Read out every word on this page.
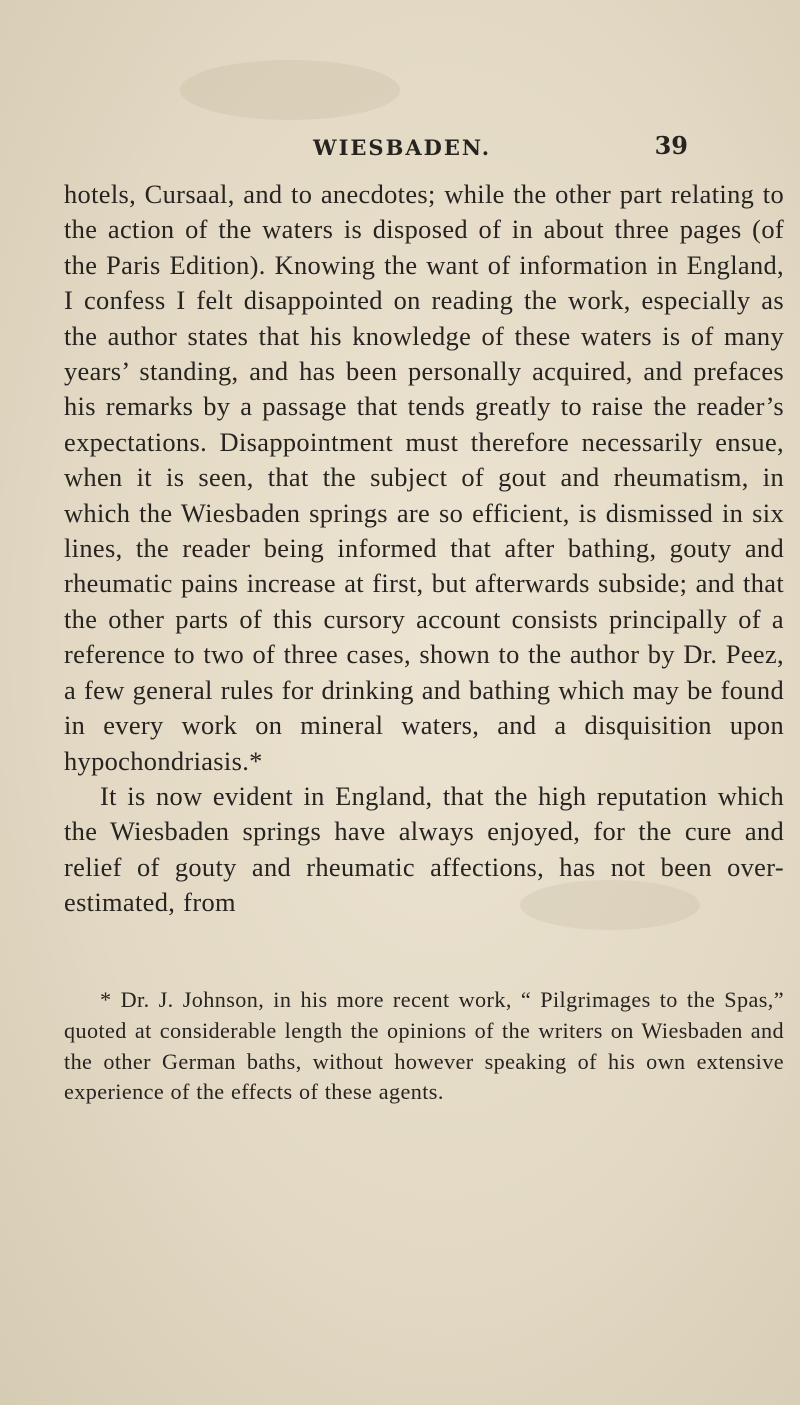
WIESBADEN.	39

hotels, Cursaal, and to anecdotes; while the other part relating to the action of the waters is disposed of in about three pages (of the Paris Edition). Knowing the want of information in England, I confess I felt disappointed on reading the work, especially as the author states that his knowledge of these waters is of many years’ standing, and has been personally acquired, and prefaces his remarks by a passage that tends greatly to raise the reader’s expectations. Disappointment must therefore necessarily ensue, when it is seen, that the subject of gout and rheumatism, in which the Wiesbaden springs are so efficient, is dismissed in six lines, the reader being informed that after bathing, gouty and rheumatic pains increase at first, but afterwards subside; and that the other parts of this cursory account consists principally of a reference to two of three cases, shown to the author by Dr. Peez, a few general rules for drinking and bathing which may be found in every work on mineral waters, and a disquisition upon hypochondriasis.*

It is now evident in England, that the high reputation which the Wiesbaden springs have always enjoyed, for the cure and relief of gouty and rheumatic affections, has not been over-estimated, from

* Dr. J. Johnson, in his more recent work, “ Pilgrimages to the Spas,” quoted at considerable length the opinions of the writers on Wiesbaden and the other German baths, without however speaking of his own extensive experience of the effects of these agents.
